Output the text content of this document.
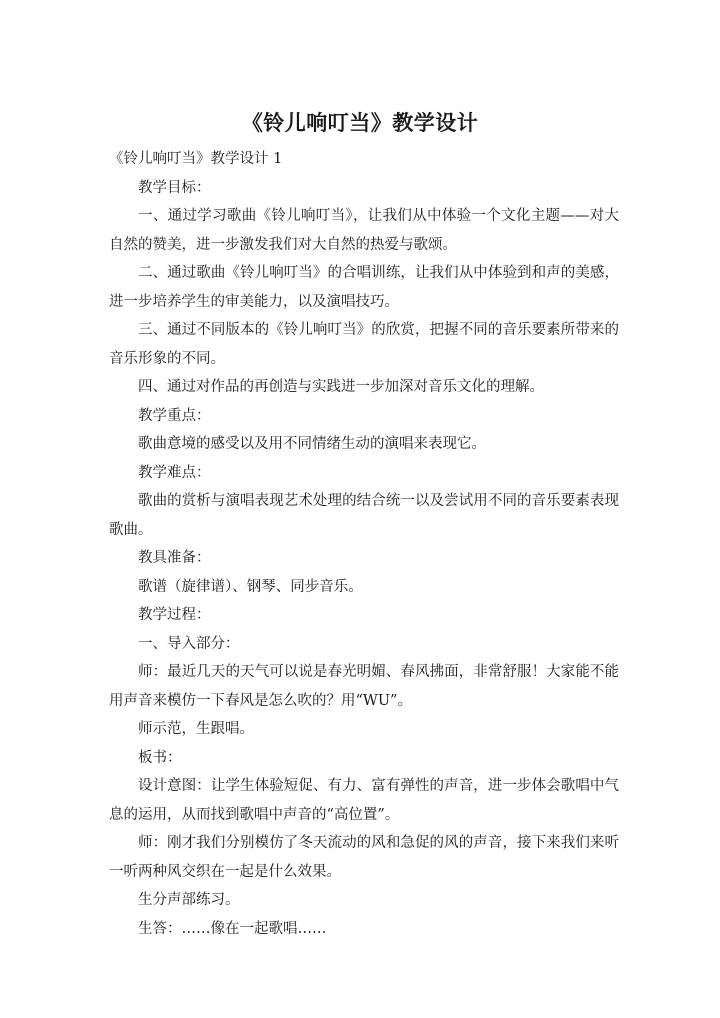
《铃儿响叮当》教学设计

《铃儿响叮当》教学设计 1

教学目标：

一、通过学习歌曲《铃儿响叮当》，让我们从中体验一个文化主题——对大自然的赞美，进一步激发我们对大自然的热爱与歌颂。

二、通过歌曲《铃儿响叮当》的合唱训练，让我们从中体验到和声的美感，进一步培养学生的审美能力，以及演唱技巧。

三、通过不同版本的《铃儿响叮当》的欣赏，把握不同的音乐要素所带来的音乐形象的不同。

四、通过对作品的再创造与实践进一步加深对音乐文化的理解。

教学重点：

歌曲意境的感受以及用不同情绪生动的演唱来表现它。

教学难点：

歌曲的赏析与演唱表现艺术处理的结合统一以及尝试用不同的音乐要素表现歌曲。

教具准备：

歌谱（旋律谱）、钢琴、同步音乐。

教学过程：

一、导入部分：

师：最近几天的天气可以说是春光明媚、春风拂面，非常舒服！大家能不能用声音来模仿一下春风是怎么吹的？用“WU”。

师示范，生跟唱。

板书：

设计意图：让学生体验短促、有力、富有弹性的声音，进一步体会歌唱中气息的运用，从而找到歌唱中声音的“高位置”。

师：刚才我们分别模仿了冬天流动的风和急促的风的声音，接下来我们来听一听两种风交织在一起是什么效果。

生分声部练习。

生答：……像在一起歌唱……
